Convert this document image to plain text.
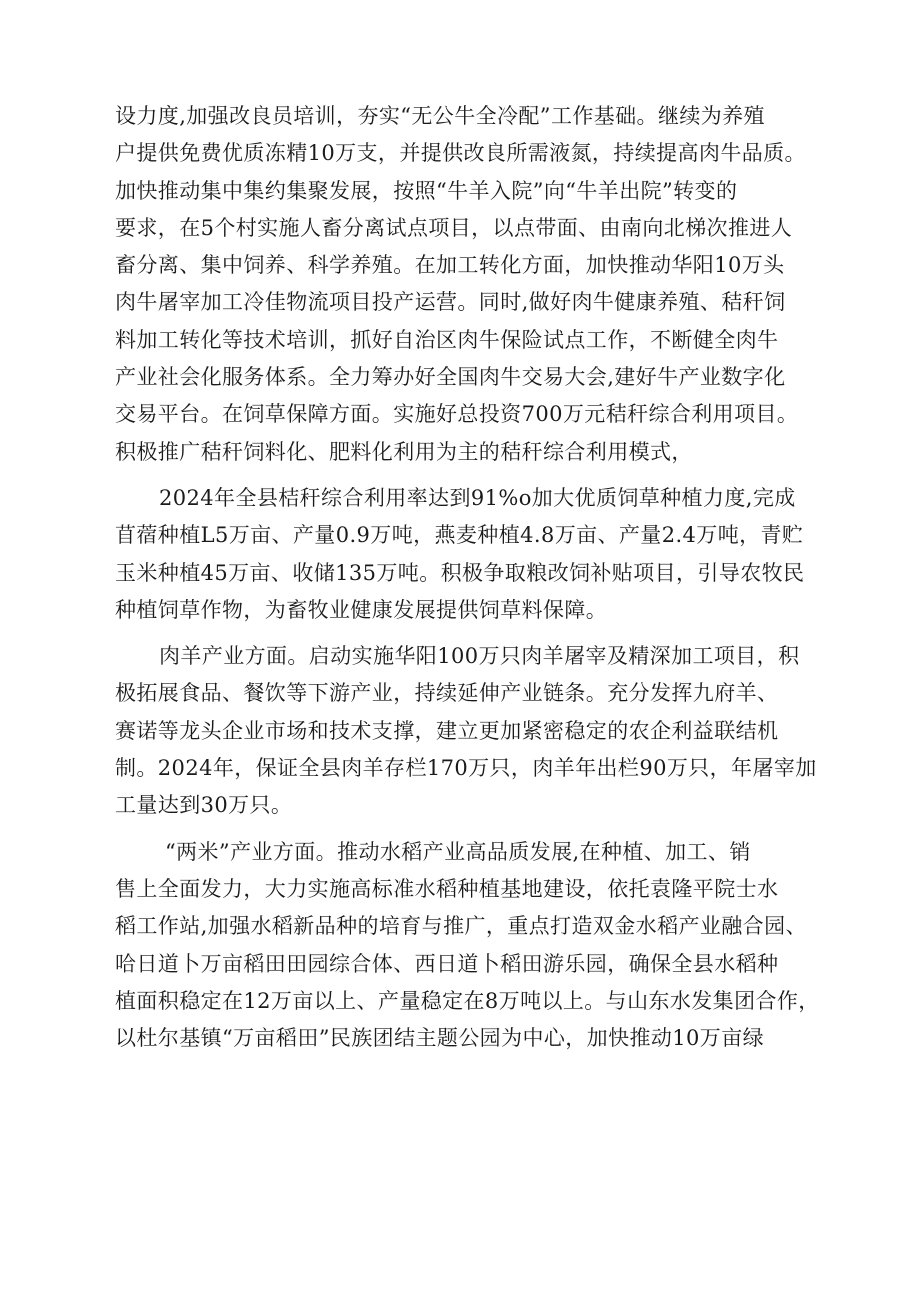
设力度,加强改良员培训，夯实“无公牛全冷配”工作基础。继续为养殖
户提供免费优质冻精10万支，并提供改良所需液氮，持续提高肉牛品质。
加快推动集中集约集聚发展，按照“牛羊入院”向“牛羊出院”转变的
要求，在5个村实施人畜分离试点项目，以点带面、由南向北梯次推进人
畜分离、集中饲养、科学养殖。在加工转化方面，加快推动华阳10万头
肉牛屠宰加工冷佳物流项目投产运营。同时,做好肉牛健康养殖、秸秆饲
料加工转化等技术培训，抓好自治区肉牛保险试点工作，不断健全肉牛
产业社会化服务体系。全力筹办好全国肉牛交易大会,建好牛产业数字化
交易平台。在饲草保障方面。实施好总投资700万元秸秆综合利用项目。
积极推广秸秆饲料化、肥料化利用为主的秸秆综合利用模式，
2024年全县桔秆综合利用率达到91%o加大优质饲草种植力度,完成
苜蓿种植L5万亩、产量0.9万吨，燕麦种植4.8万亩、产量2.4万吨，青贮
玉米种植45万亩、收储135万吨。积极争取粮改饲补贴项目，引导农牧民
种植饲草作物，为畜牧业健康发展提供饲草料保障。
肉羊产业方面。启动实施华阳100万只肉羊屠宰及精深加工项目，积
极拓展食品、餐饮等下游产业，持续延伸产业链条。充分发挥九府羊、
赛诺等龙头企业市场和技术支撑，建立更加紧密稳定的农企利益联结机
制。2024年，保证全县肉羊存栏170万只，肉羊年出栏90万只，年屠宰加
工量达到30万只。
“两米”产业方面。推动水稻产业高品质发展,在种植、加工、销
售上全面发力，大力实施高标准水稻种植基地建设，依托袁隆平院士水
稻工作站,加强水稻新品种的培育与推广，重点打造双金水稻产业融合园、
哈日道卜万亩稻田田园综合体、西日道卜稻田游乐园，确保全县水稻种
植面积稳定在12万亩以上、产量稳定在8万吨以上。与山东水发集团合作，
以杜尔基镇“万亩稻田”民族团结主题公园为中心，加快推动10万亩绿
